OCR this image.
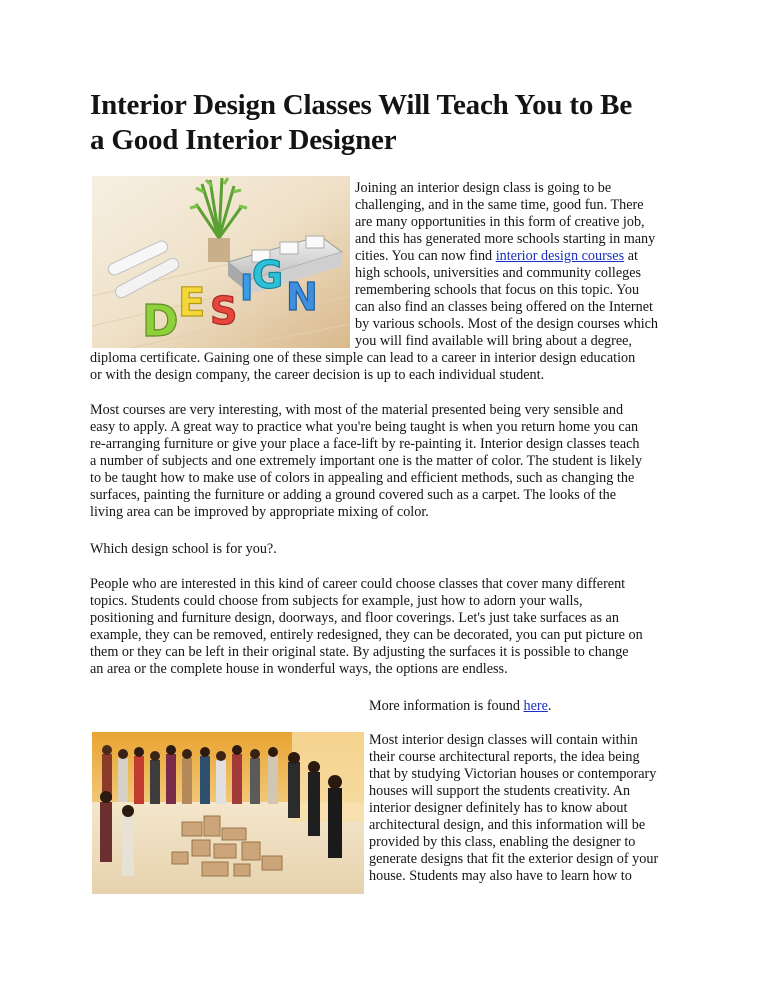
Interior Design Classes Will Teach You to Be
a Good Interior Designer
D E S
I
G N
Joining an interior design class is going to be
challenging, and in the same time, good fun. There
are many opportunities in this form of creative job,
and this has generated more schools starting in many
cities. You can now find interior design courses at
high schools, universities and community colleges
remembering schools that focus on this topic. You
can also find an classes being offered on the Internet
by various schools. Most of the design courses which
you will find available will bring about a degree,
diploma certificate. Gaining one of these simple can lead to a career in interior design education
or with the design company, the career decision is up to each individual student.
Most courses are very interesting, with most of the material presented being very sensible and
easy to apply. A great way to practice what you're being taught is when you return home you can
re-arranging furniture or give your place a face-lift by re-painting it. Interior design classes teach
a number of subjects and one extremely important one is the matter of color. The student is likely
to be taught how to make use of colors in appealing and efficient methods, such as changing the
surfaces, painting the furniture or adding a ground covered such as a carpet. The looks of the
living area can be improved by appropriate mixing of color.
Which design school is for you?.
People who are interested in this kind of career could choose classes that cover many different
topics. Students could choose from subjects for example, just how to adorn your walls,
positioning and furniture design, doorways, and floor coverings. Let's just take surfaces as an
example, they can be removed, entirely redesigned, they can be decorated, you can put picture on
them or they can be left in their original state. By adjusting the surfaces it is possible to change
an area or the complete house in wonderful ways, the options are endless.
More information is found here.
Most interior design classes will contain within
their course architectural reports, the idea being
that by studying Victorian houses or contemporary
houses will support the students creativity. An
interior designer definitely has to know about
architectural design, and this information will be
provided by this class, enabling the designer to
generate designs that fit the exterior design of your
house. Students may also have to learn how to
